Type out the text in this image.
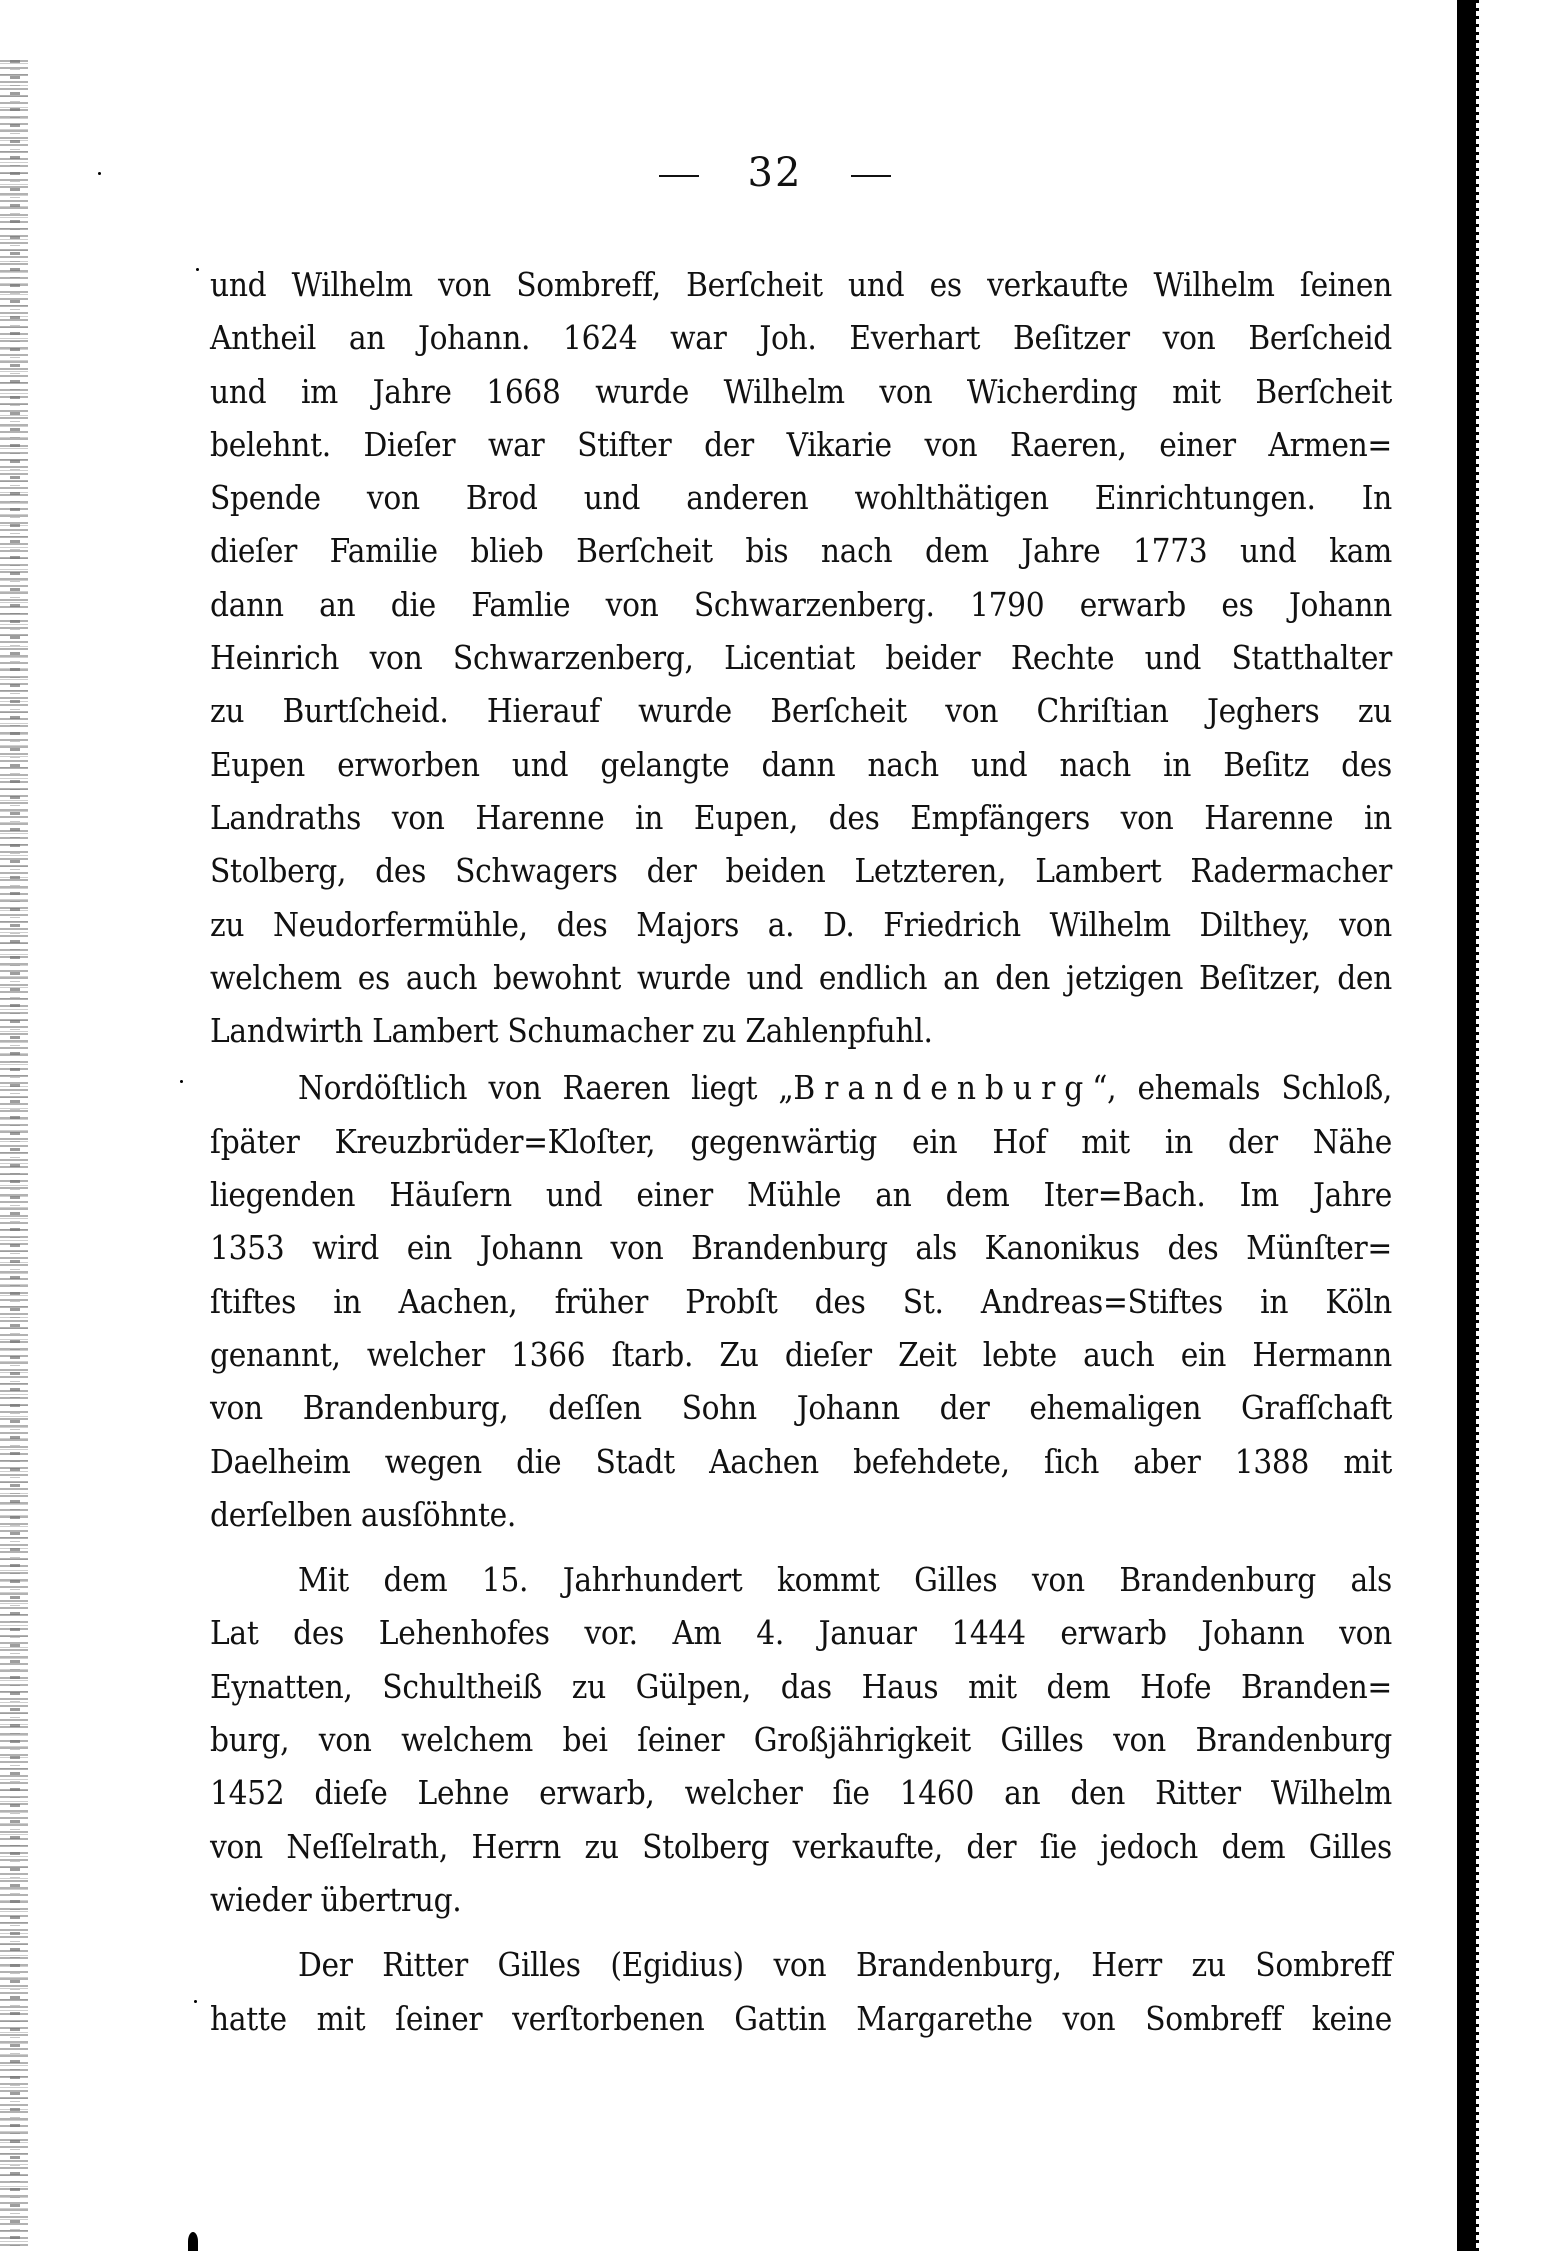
32
und Wilhelm von Sombreff, Berſcheit und es verkaufte Wilhelm ſeinen
Antheil an Johann. 1624 war Joh. Everhart Beſitzer von Berſcheid
und im Jahre 1668 wurde Wilhelm von Wicherding mit Berſcheit
belehnt. Dieſer war Stifter der Vikarie von Raeren, einer Armen=
Spende von Brod und anderen wohlthätigen Einrichtungen. In
dieſer Familie blieb Berſcheit bis nach dem Jahre 1773 und kam
dann an die Famlie von Schwarzenberg. 1790 erwarb es Johann
Heinrich von Schwarzenberg, Licentiat beider Rechte und Statthalter
zu Burtſcheid. Hierauf wurde Berſcheit von Chriſtian Jeghers zu
Eupen erworben und gelangte dann nach und nach in Beſitz des
Landraths von Harenne in Eupen, des Empfängers von Harenne in
Stolberg, des Schwagers der beiden Letzteren, Lambert Radermacher
zu Neudorfermühle, des Majors a. D. Friedrich Wilhelm Dilthey, von
welchem es auch bewohnt wurde und endlich an den jetzigen Beſitzer, den
Landwirth Lambert Schumacher zu Zahlenpfuhl.
Nordöſtlich von Raeren liegt „Brandenburg“, ehemals Schloß,
ſpäter Kreuzbrüder=Kloſter, gegenwärtig ein Hof mit in der Nähe
liegenden Häuſern und einer Mühle an dem Iter=Bach. Im Jahre
1353 wird ein Johann von Brandenburg als Kanonikus des Münſter=
ſtiftes in Aachen, früher Probſt des St. Andreas=Stiftes in Köln
genannt, welcher 1366 ſtarb. Zu dieſer Zeit lebte auch ein Hermann
von Brandenburg, deſſen Sohn Johann der ehemaligen Grafſchaft
Daelheim wegen die Stadt Aachen befehdete, ſich aber 1388 mit
derſelben ausſöhnte.
Mit dem 15. Jahrhundert kommt Gilles von Brandenburg als
Lat des Lehenhofes vor. Am 4. Januar 1444 erwarb Johann von
Eynatten, Schultheiß zu Gülpen, das Haus mit dem Hofe Branden=
burg, von welchem bei ſeiner Großjährigkeit Gilles von Brandenburg
1452 dieſe Lehne erwarb, welcher ſie 1460 an den Ritter Wilhelm
von Neſſelrath, Herrn zu Stolberg verkaufte, der ſie jedoch dem Gilles
wieder übertrug.
Der Ritter Gilles (Egidius) von Brandenburg, Herr zu Sombreff
hatte mit ſeiner verſtorbenen Gattin Margarethe von Sombreff keine
